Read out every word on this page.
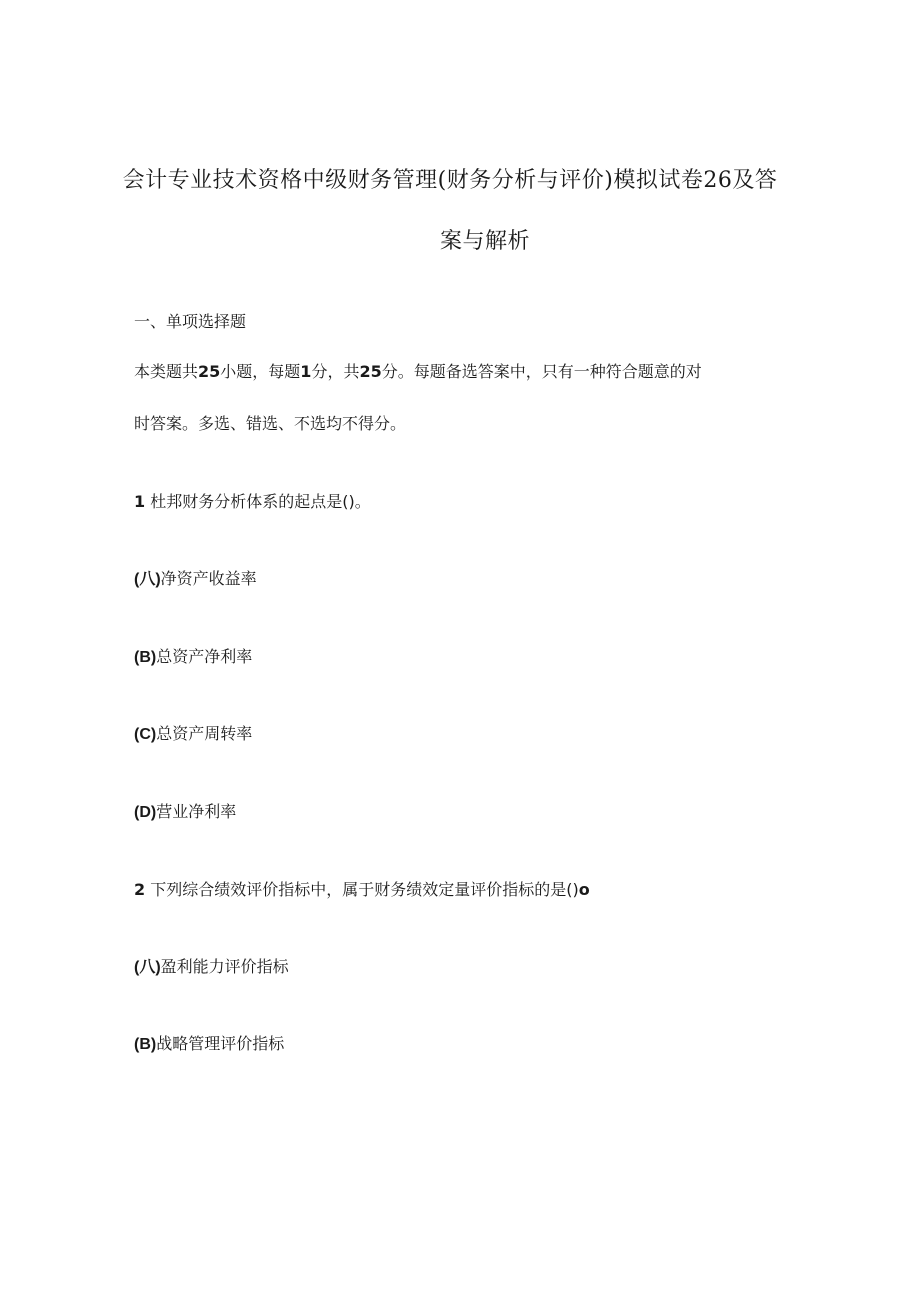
会计专业技术资格中级财务管理(财务分析与评价)模拟试卷26及答
案与解析
一、单项选择题
本类题共25小题，每题1分，共25分。每题备选答案中，只有一种符合题意的对
时答案。多选、错选、不选均不得分。
1 杜邦财务分析体系的起点是()。
(八)净资产收益率
(B)总资产净利率
(C)总资产周转率
(D)营业净利率
2 下列综合绩效评价指标中，属于财务绩效定量评价指标的是()o
(八)盈利能力评价指标
(B)战略管理评价指标
